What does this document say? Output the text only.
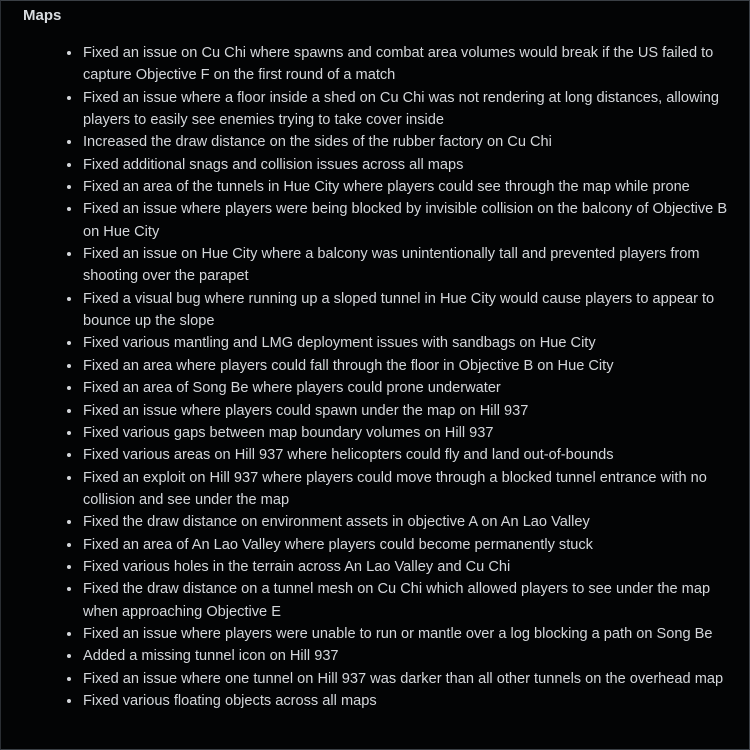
Maps
Fixed an issue on Cu Chi where spawns and combat area volumes would break if the US failed to capture Objective F on the first round of a match
Fixed an issue where a floor inside a shed on Cu Chi was not rendering at long distances, allowing players to easily see enemies trying to take cover inside
Increased the draw distance on the sides of the rubber factory on Cu Chi
Fixed additional snags and collision issues across all maps
Fixed an area of the tunnels in Hue City where players could see through the map while prone
Fixed an issue where players were being blocked by invisible collision on the balcony of Objective B on Hue City
Fixed an issue on Hue City where a balcony was unintentionally tall and prevented players from shooting over the parapet
Fixed a visual bug where running up a sloped tunnel in Hue City would cause players to appear to bounce up the slope
Fixed various mantling and LMG deployment issues with sandbags on Hue City
Fixed an area where players could fall through the floor in Objective B on Hue City
Fixed an area of Song Be where players could prone underwater
Fixed an issue where players could spawn under the map on Hill 937
Fixed various gaps between map boundary volumes on Hill 937
Fixed various areas on Hill 937 where helicopters could fly and land out-of-bounds
Fixed an exploit on Hill 937 where players could move through a blocked tunnel entrance with no collision and see under the map
Fixed the draw distance on environment assets in objective A on An Lao Valley
Fixed an area of An Lao Valley where players could become permanently stuck
Fixed various holes in the terrain across An Lao Valley and Cu Chi
Fixed the draw distance on a tunnel mesh on Cu Chi which allowed players to see under the map when approaching Objective E
Fixed an issue where players were unable to run or mantle over a log blocking a path on Song Be
Added a missing tunnel icon on Hill 937
Fixed an issue where one tunnel on Hill 937 was darker than all other tunnels on the overhead map
Fixed various floating objects across all maps
